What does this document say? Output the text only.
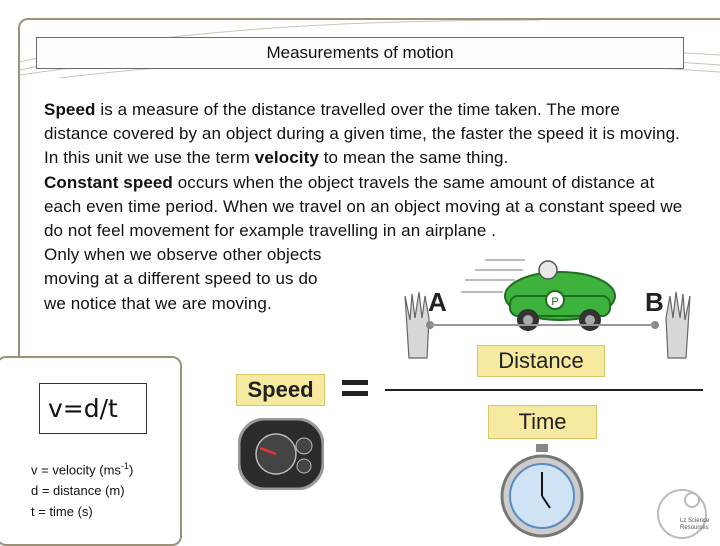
Measurements of motion
Speed is a measure of the distance travelled over the time taken. The more distance covered by an object during a given time, the faster the speed it is moving. In this unit we use the term velocity to mean the same thing.
Constant speed occurs when the object travels the same amount of distance at each even time period. When we travel on an object moving at a constant speed we do not feel movement for example travelling in an airplane .
Only when we observe other objects
moving at a different speed to us do
we notice that we are moving.
v=d/t
v = velocity $(ms^{-1})$
d = distance (m)
t = time (s)
P
A	B
Distance
Speed
Time
Lz Science
Resources
